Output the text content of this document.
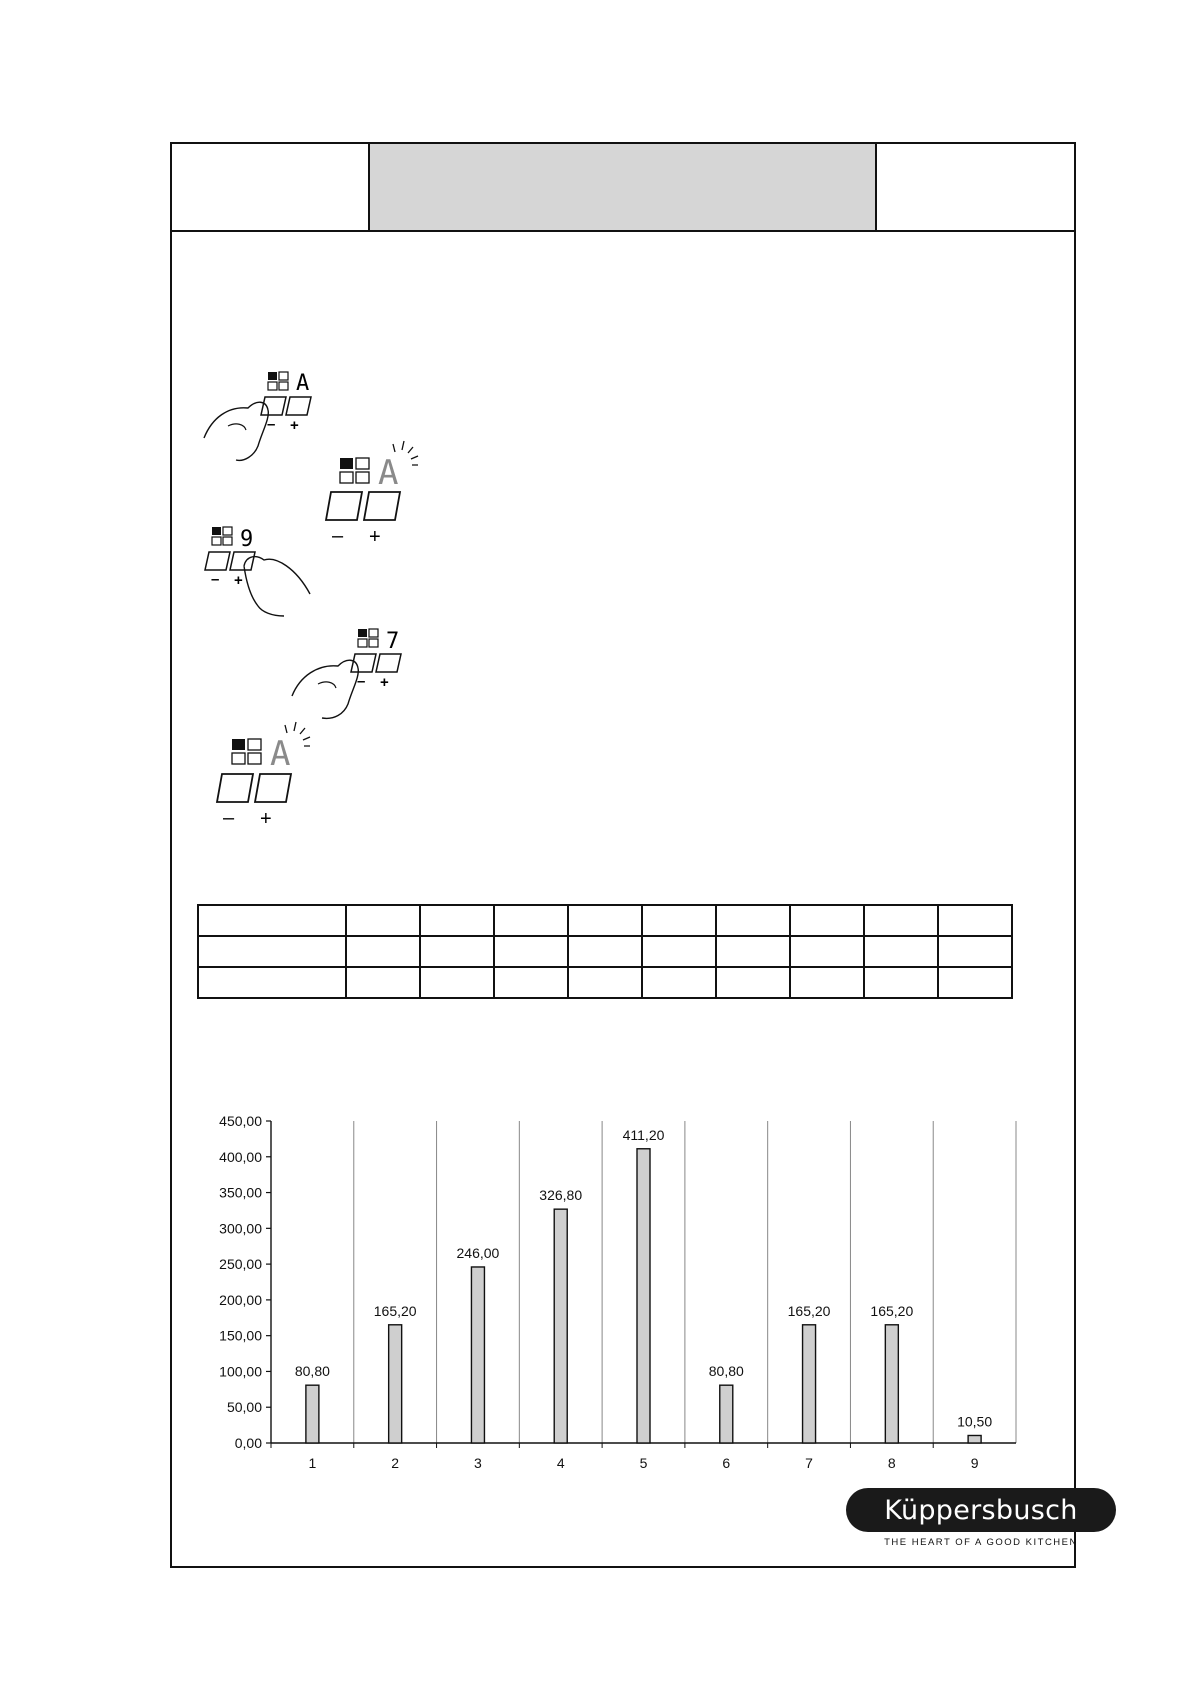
A
– +
A
– +
9
– +
7
– +
A
– +

0,00
50,00
100,00
150,00
200,00
250,00
300,00
350,00
400,00
450,00
80,80
1
165,20
2
246,00
3
326,80
4
411,20
5
80,80
6
165,20
7
165,20
8
10,50
9
Küppersbusch
THE HEART OF A GOOD KITCHEN
